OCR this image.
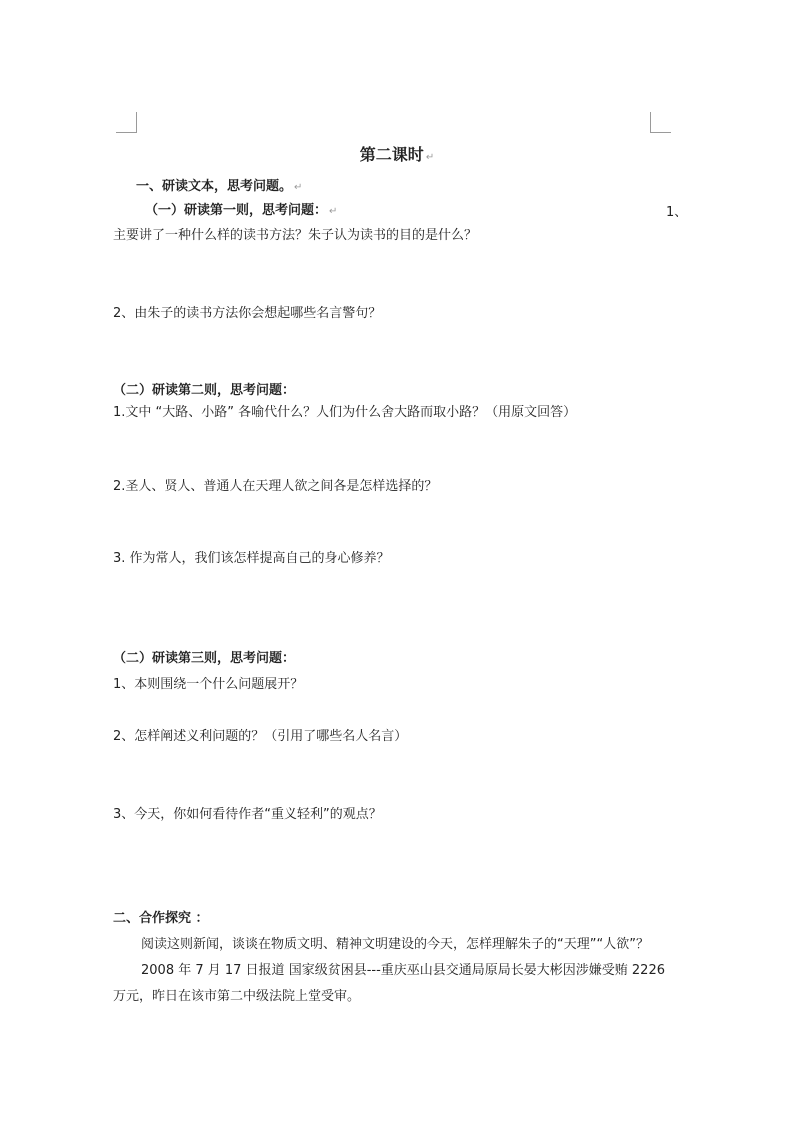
第二课时 ↵
一、研读文本，思考问题。 ↵
（一）研读第一则，思考问题： ↵	1、
主要讲了一种什么样的读书方法？朱子认为读书的目的是什么？
2、由朱子的读书方法你会想起哪些名言警句？
（二）研读第二则，思考问题：
1.文中 “大路、小路” 各喻代什么？人们为什么舍大路而取小路？（用原文回答）
2.圣人、贤人、普通人在天理人欲之间各是怎样选择的？
3. 作为常人，我们该怎样提高自己的身心修养？
（二）研读第三则，思考问题：
1、本则围绕一个什么问题展开？
2、怎样阐述义利问题的？（引用了哪些名人名言）
3、今天，你如何看待作者“重义轻利”的观点？
二、合作探究 ：
阅读这则新闻，谈谈在物质文明、精神文明建设的今天，怎样理解朱子的“天理”“人欲”？
2008 年 7 月 17 日报道 国家级贫困县---重庆巫山县交通局原局长晏大彬因涉嫌受贿 2226
万元，昨日在该市第二中级法院上堂受审。
